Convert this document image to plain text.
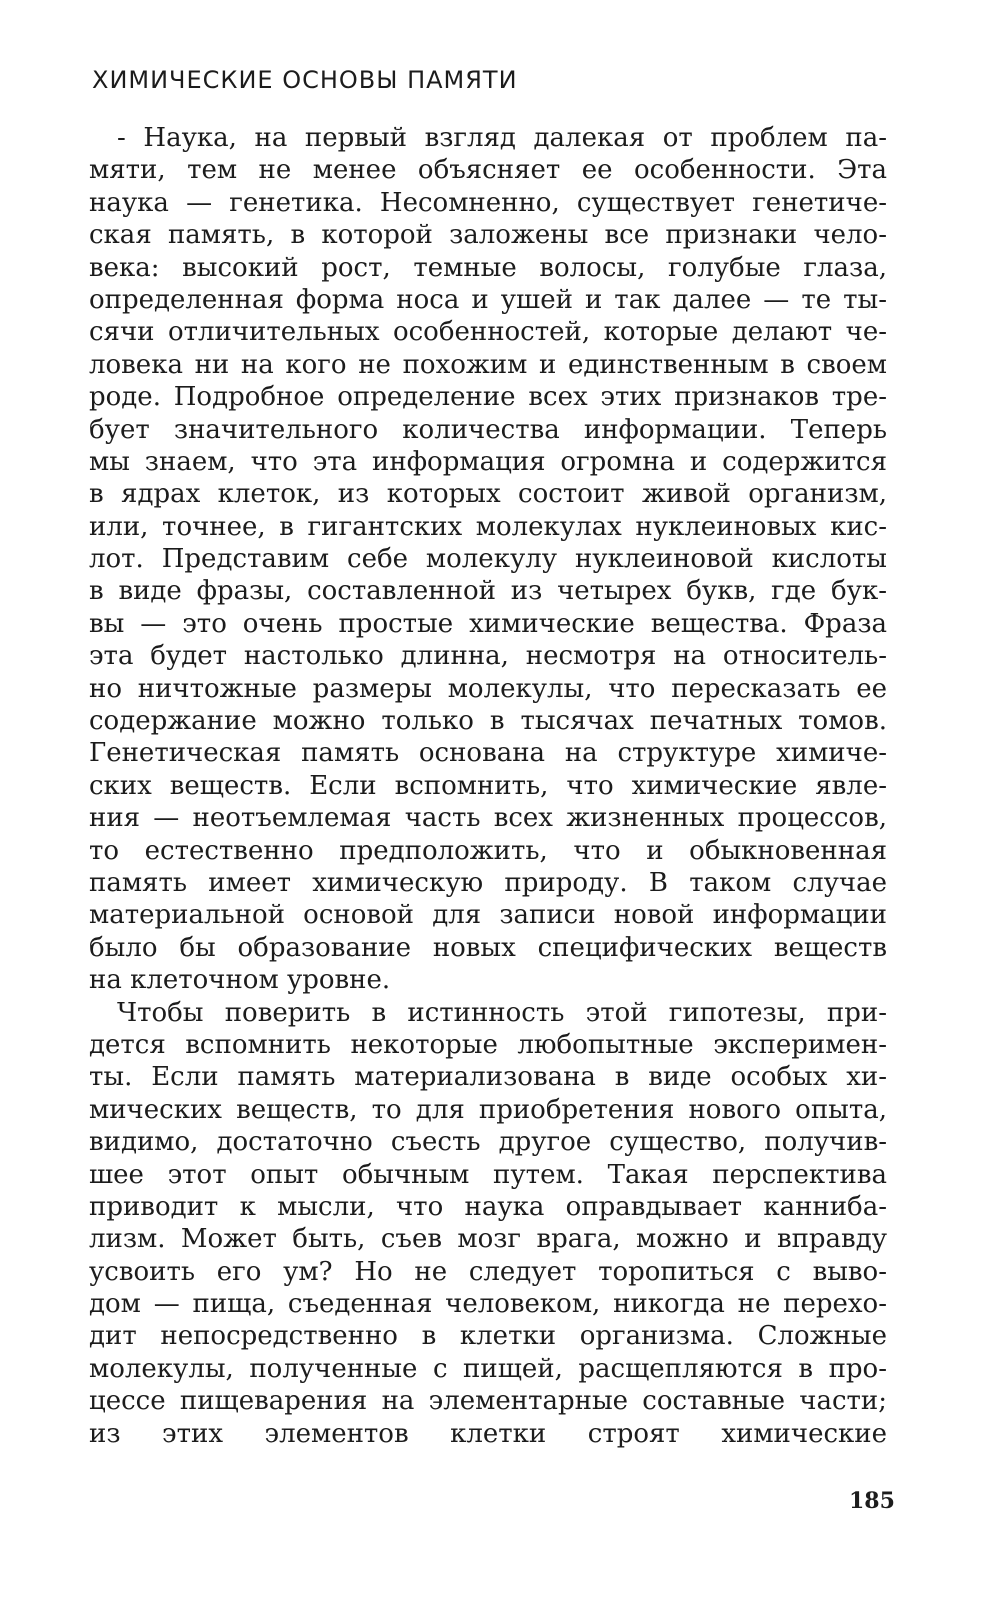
ХИМИЧЕСКИЕ ОСНОВЫ ПАМЯТИ
- Наука, на первый взгляд далекая от проблем па-
мяти, тем не менее объясняет ее особенности. Эта
наука — генетика. Несомненно, существует генетиче-
ская память, в которой заложены все признаки чело-
века: высокий рост, темные волосы, голубые глаза,
определенная форма носа и ушей и так далее — те ты-
сячи отличительных особенностей, которые делают че-
ловека ни на кого не похожим и единственным в своем
роде. Подробное определение всех этих признаков тре-
бует значительного количества информации. Теперь
мы знаем, что эта информация огромна и содержится
в ядрах клеток, из которых состоит живой организм,
или, точнее, в гигантских молекулах нуклеиновых кис-
лот. Представим себе молекулу нуклеиновой кислоты
в виде фразы, составленной из четырех букв, где бук-
вы — это очень простые химические вещества. Фраза
эта будет настолько длинна, несмотря на относитель-
но ничтожные размеры молекулы, что пересказать ее
содержание можно только в тысячах печатных томов.
Генетическая память основана на структуре химиче-
ских веществ. Если вспомнить, что химические явле-
ния — неотъемлемая часть всех жизненных процессов,
то естественно предположить, что и обыкновенная
память имеет химическую природу. В таком случае
материальной основой для записи новой информации
было бы образование новых специфических веществ
на клеточном уровне.
Чтобы поверить в истинность этой гипотезы, при-
дется вспомнить некоторые любопытные эксперимен-
ты. Если память материализована в виде особых хи-
мических веществ, то для приобретения нового опыта,
видимо, достаточно съесть другое существо, получив-
шее этот опыт обычным путем. Такая перспектива
приводит к мысли, что наука оправдывает каннибa-
лизм. Может быть, съев мозг врага, можно и вправду
усвоить его ум? Но не следует торопиться с выво-
дом — пища, съеденная человеком, никогда не перехо-
дит непосредственно в клетки организма. Сложные
молекулы, полученные с пищей, расщепляются в про-
цессе пищеварения на элементарные составные части;
из этих элементов клетки строят химические
185
